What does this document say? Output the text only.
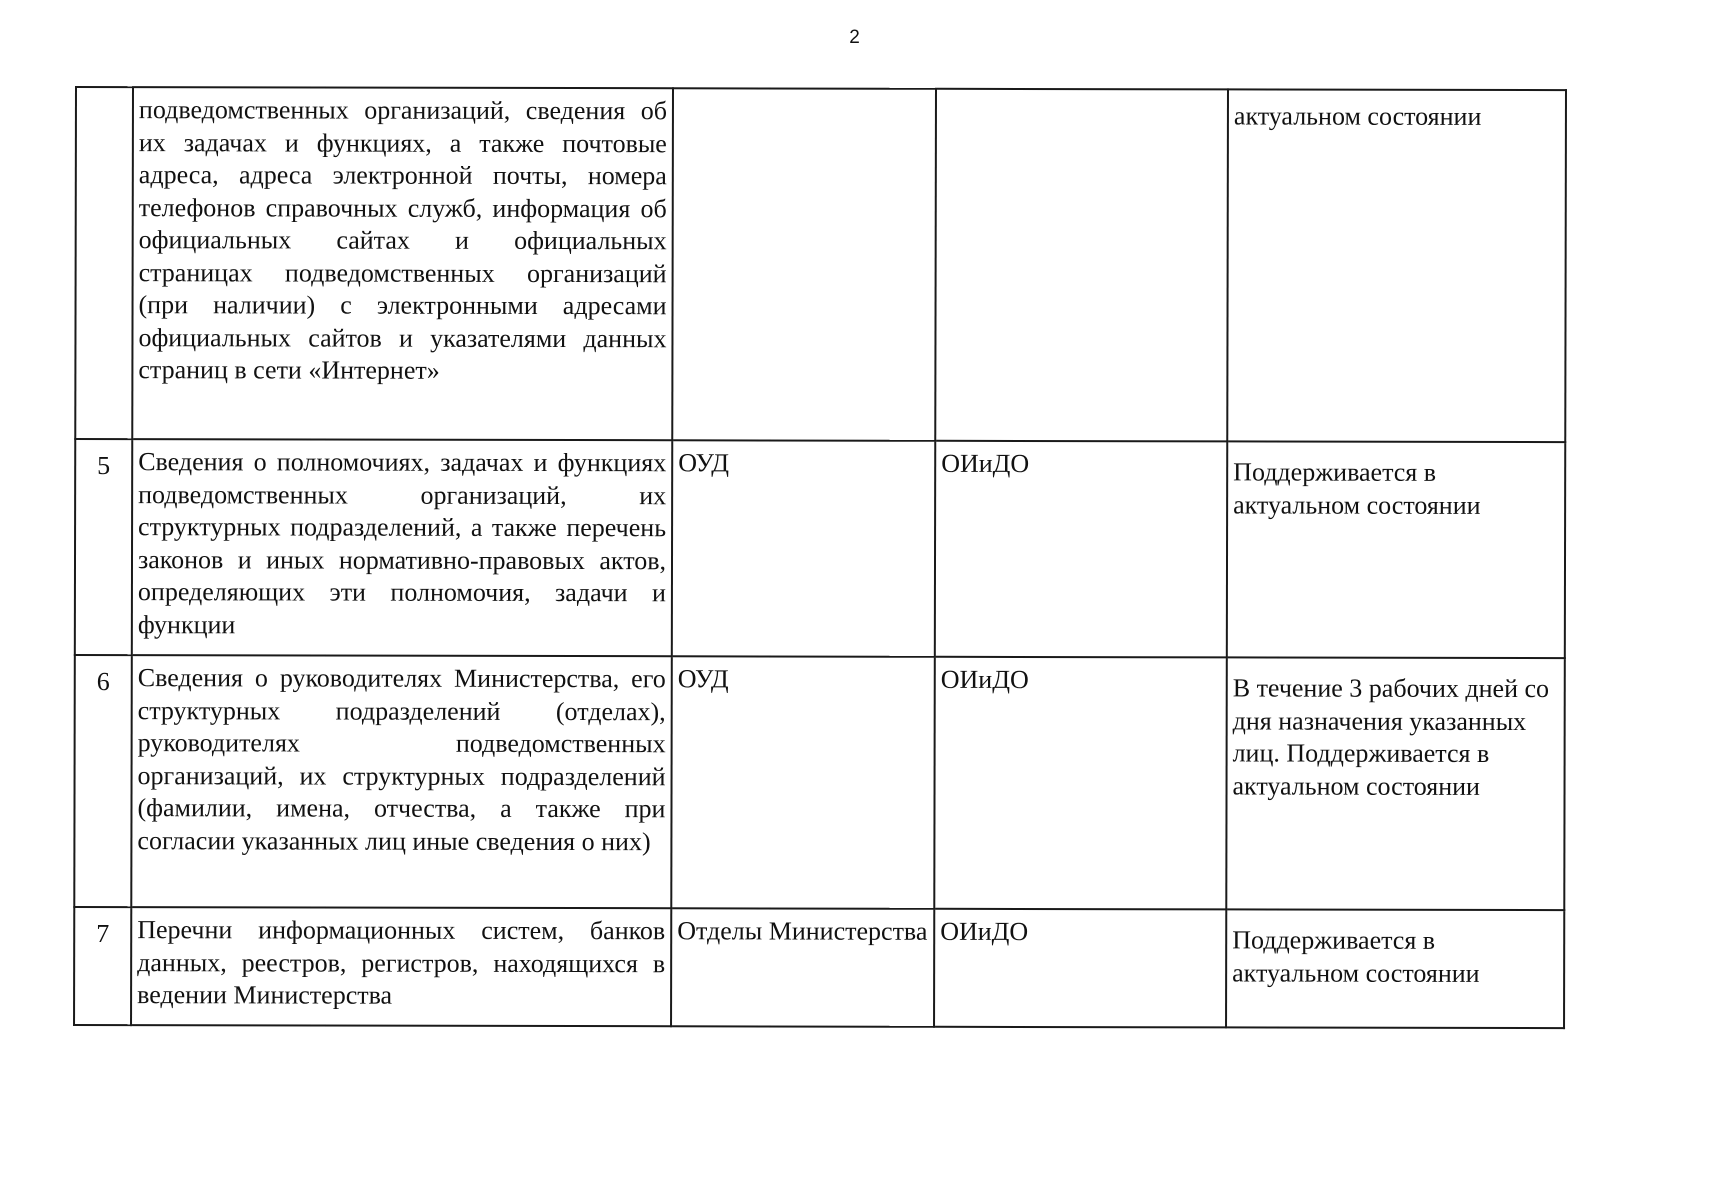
2
	подведомственных организаций, сведения об их задачах и функциях, а также почтовые адреса, адреса электронной почты, номера телефонов справочных служб, информация об официальных сайтах и официальных страницах подведомственных организаций (при наличии) с электронными адресами официальных сайтов и указателями данных страниц в сети «Интернет»			актуальном состоянии
5	Сведения о полномочиях, задачах и функциях подведомственных организаций, их структурных подразделений, а также перечень законов и иных нормативно-правовых актов, определяющих эти полномочия, задачи и функции	ОУД	ОИиДО	Поддерживается в актуальном состоянии
6	Сведения о руководителях Министерства, его структурных подразделений (отделах), руководителях подведомственных организаций, их структурных подразделений (фамилии, имена, отчества, а также при согласии указанных лиц иные сведения о них)	ОУД	ОИиДО	В течение 3 рабочих дней со дня назначения указанных лиц. Поддерживается в актуальном состоянии
7	Перечни информационных систем, банков данных, реестров, регистров, находящихся в ведении Министерства	Отделы Министерства	ОИиДО	Поддерживается в актуальном состоянии
